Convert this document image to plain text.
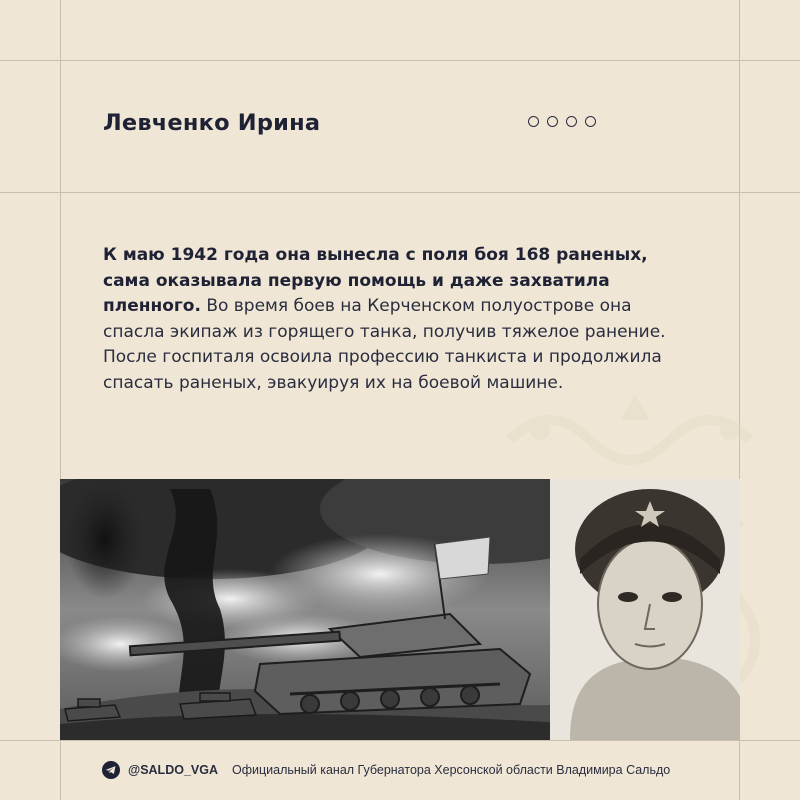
Левченко Ирина

К маю 1942 года она вынесла с поля боя 168 раненых, сама оказывала первую помощь и даже захватила пленного. Во время боев на Керченском полуострове она спасла экипаж из горящего танка, получив тяжелое ранение. После госпиталя освоила профессию танкиста и продолжила спасать раненых, эвакуируя их на боевой машине.

@SALDO_VGA Официальный канал Губернатора Херсонской области Владимира Сальдо
